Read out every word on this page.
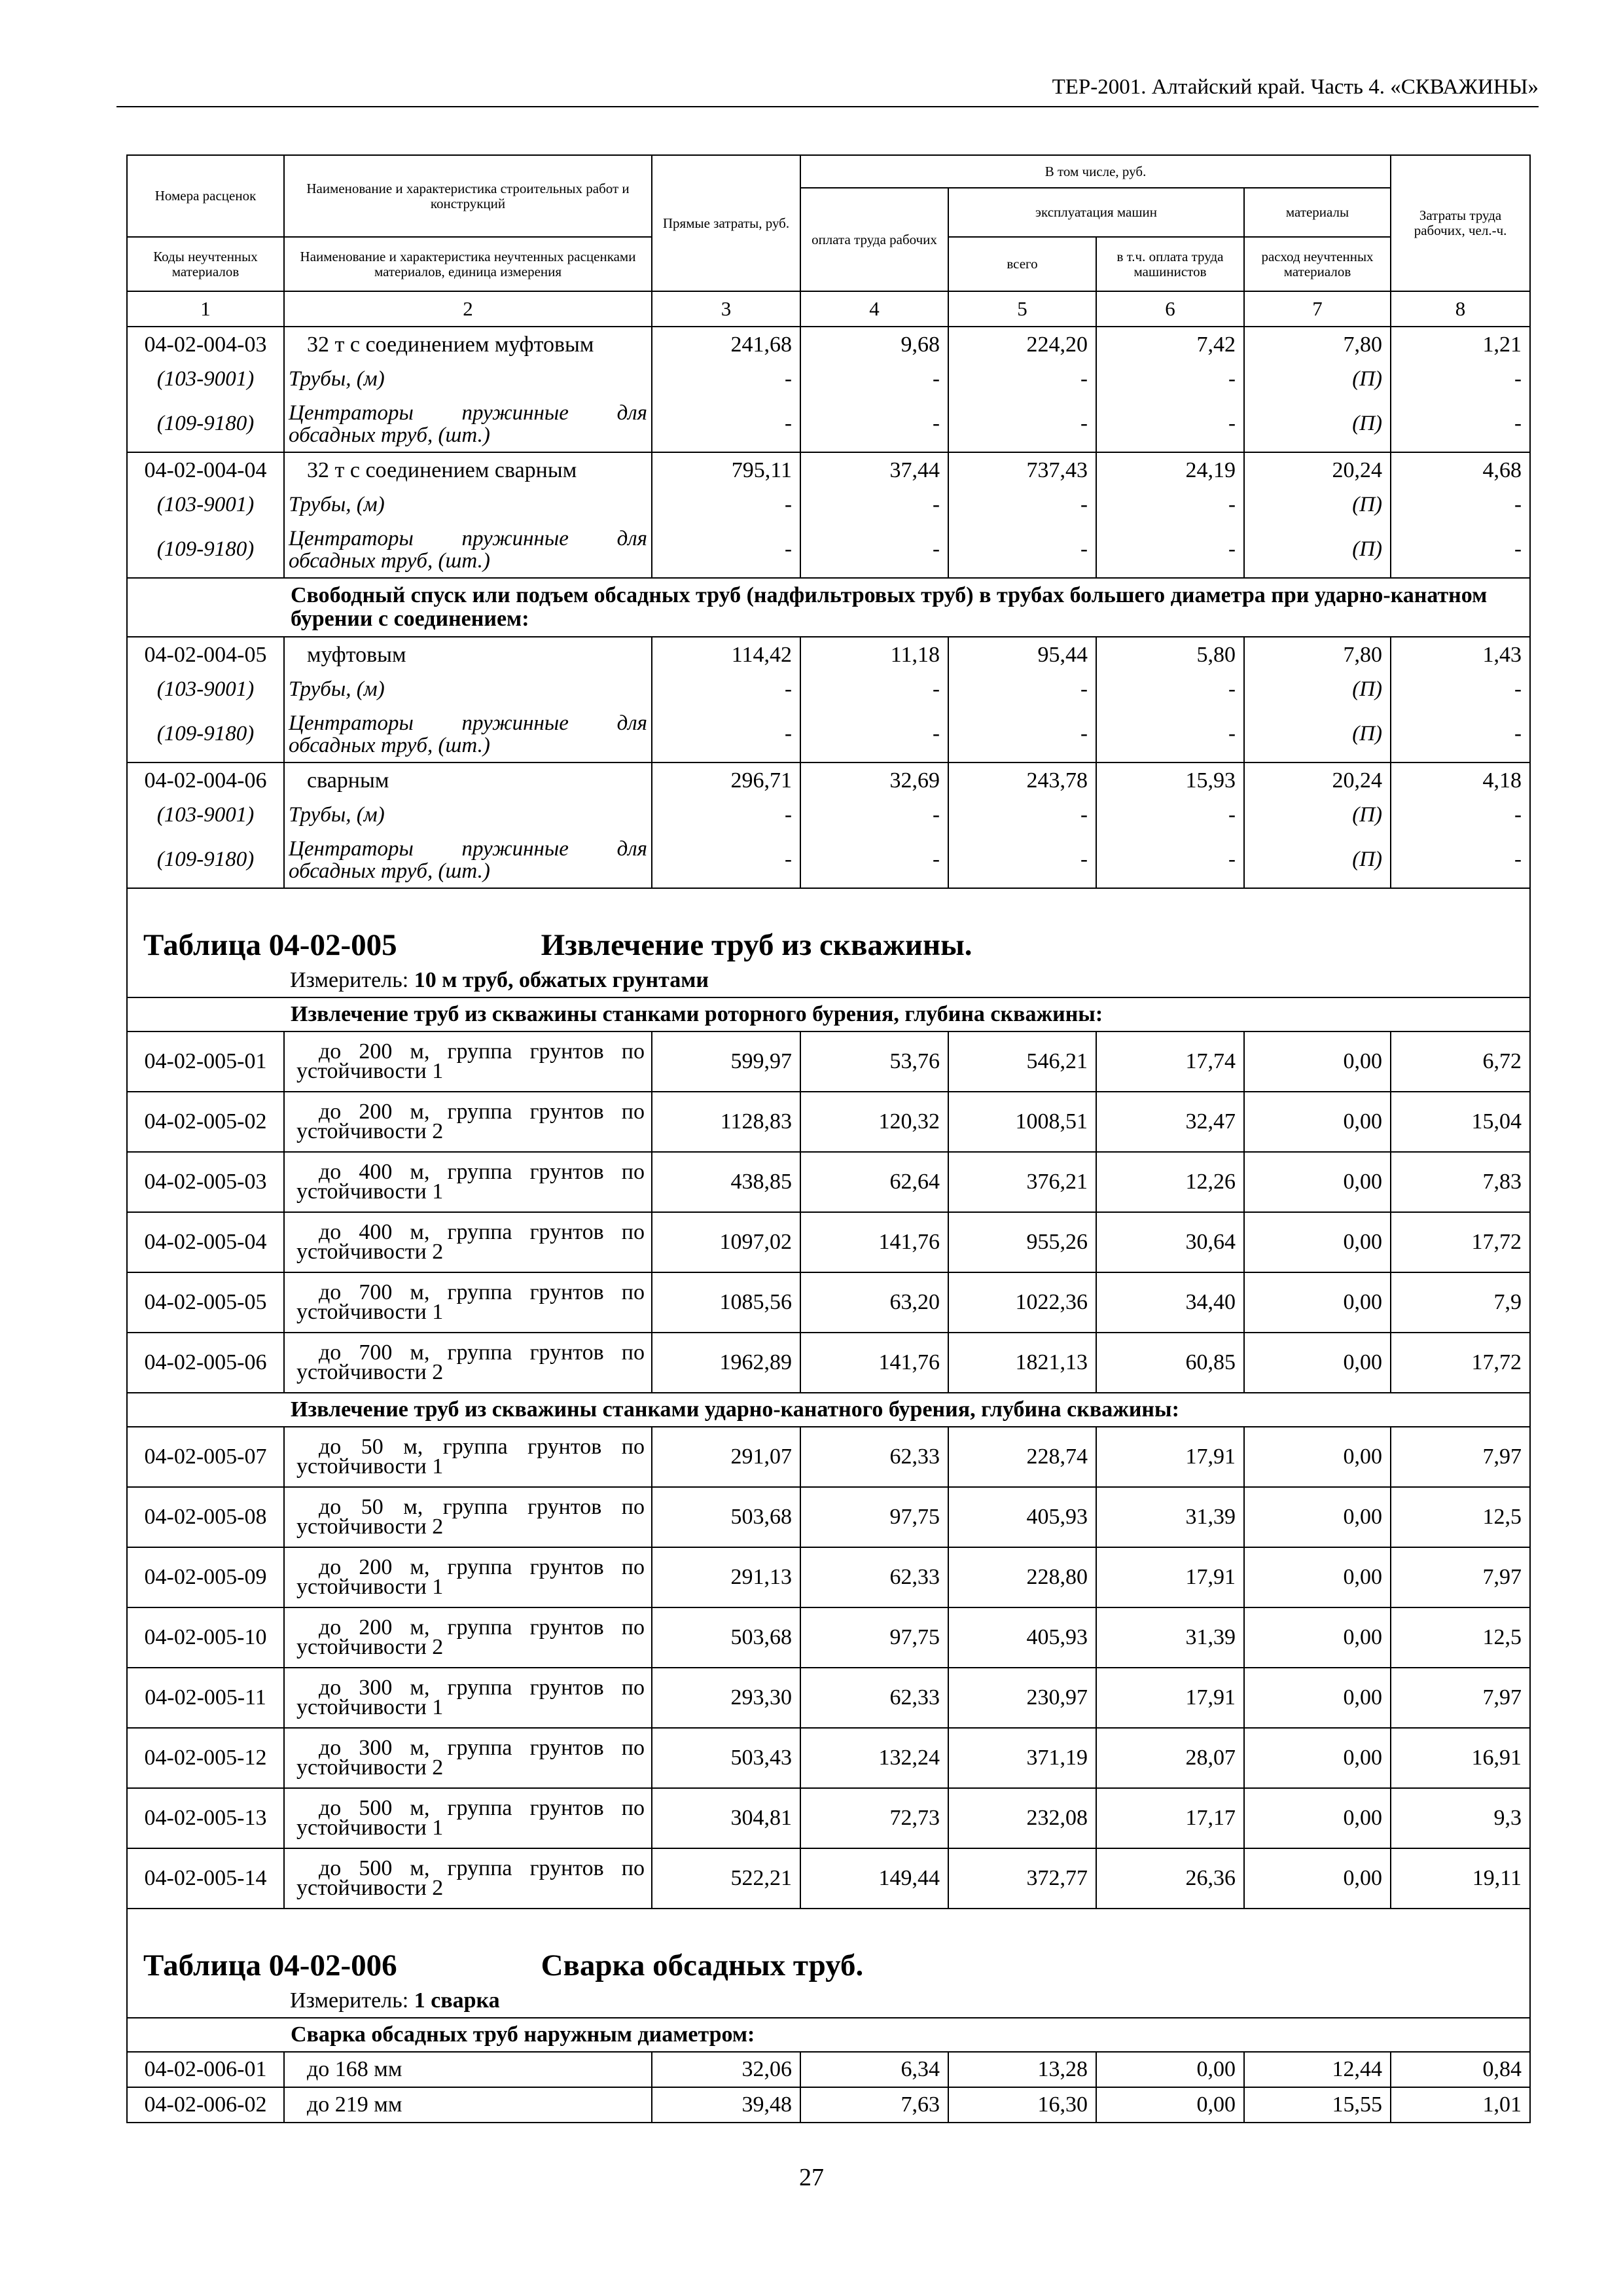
ТЕР-2001. Алтайский край. Часть 4. «СКВАЖИНЫ»
Номера расценок	Наименование и характеристика строительных работ и конструкций	Прямые затраты, руб.	В том числе, руб.				Затраты труда рабочих, чел.-ч.
			оплата труда рабочих	эксплуатация машин		материалы	
Коды неучтенных материалов	Наименование и характеристика неучтенных расценками материалов, единица измерения			всего	в т.ч. оплата труда машинистов	расход неучтенных материалов	

1	2	3	4	5	6	7	8
04-02-004-03	32 т с соединением муфтовым	241,68	9,68	224,20	7,42	7,80	1,21
(103-9001)	Трубы, (м)	-	-	-	-	(П)	-
(109-9180)	Центраторы пружинные для обсадных труб, (шт.)	-	-	-	-	(П)	-
04-02-004-04	32 т с соединением сварным	795,11	37,44	737,43	24,19	20,24	4,68
(103-9001)	Трубы, (м)	-	-	-	-	(П)	-
(109-9180)	Центраторы пружинные для обсадных труб, (шт.)	-	-	-	-	(П)	-
	Свободный спуск или подъем обсадных труб (надфильтровых труб) в трубах большего диаметра при ударно-канатном бурении с соединением:						
04-02-004-05	муфтовым	114,42	11,18	95,44	5,80	7,80	1,43
(103-9001)	Трубы, (м)	-	-	-	-	(П)	-
(109-9180)	Центраторы пружинные для обсадных труб, (шт.)	-	-	-	-	(П)	-
04-02-004-06	сварным	296,71	32,69	243,78	15,93	20,24	4,18
(103-9001)	Трубы, (м)	-	-	-	-	(П)	-
(109-9180)	Центраторы пружинные для обсадных труб, (шт.)	-	-	-	-	(П)	-
Таблица 04-02-005 Извлечение труб из скважины.							
Измеритель: 10 м труб, обжатых грунтами							
	Извлечение труб из скважины станками роторного бурения, глубина скважины:						
04-02-005-01	до 200 м, группа грунтов по устойчивости 1	599,97	53,76	546,21	17,74	0,00	6,72
04-02-005-02	до 200 м, группа грунтов по устойчивости 2	1128,83	120,32	1008,51	32,47	0,00	15,04
04-02-005-03	до 400 м, группа грунтов по устойчивости 1	438,85	62,64	376,21	12,26	0,00	7,83
04-02-005-04	до 400 м, группа грунтов по устойчивости 2	1097,02	141,76	955,26	30,64	0,00	17,72
04-02-005-05	до 700 м, группа грунтов по устойчивости 1	1085,56	63,20	1022,36	34,40	0,00	7,9
04-02-005-06	до 700 м, группа грунтов по устойчивости 2	1962,89	141,76	1821,13	60,85	0,00	17,72
	Извлечение труб из скважины станками ударно-канатного бурения, глубина скважины:						
04-02-005-07	до 50 м, группа грунтов по устойчивости 1	291,07	62,33	228,74	17,91	0,00	7,97
04-02-005-08	до 50 м, группа грунтов по устойчивости 2	503,68	97,75	405,93	31,39	0,00	12,5
04-02-005-09	до 200 м, группа грунтов по устойчивости 1	291,13	62,33	228,80	17,91	0,00	7,97
04-02-005-10	до 200 м, группа грунтов по устойчивости 2	503,68	97,75	405,93	31,39	0,00	12,5
04-02-005-11	до 300 м, группа грунтов по устойчивости 1	293,30	62,33	230,97	17,91	0,00	7,97
04-02-005-12	до 300 м, группа грунтов по устойчивости 2	503,43	132,24	371,19	28,07	0,00	16,91
04-02-005-13	до 500 м, группа грунтов по устойчивости 1	304,81	72,73	232,08	17,17	0,00	9,3
04-02-005-14	до 500 м, группа грунтов по устойчивости 2	522,21	149,44	372,77	26,36	0,00	19,11
Таблица 04-02-006 Сварка обсадных труб.							
Измеритель: 1 сварка							
	Сварка обсадных труб наружным диаметром:						
04-02-006-01	до 168 мм	32,06	6,34	13,28	0,00	12,44	0,84
04-02-006-02	до 219 мм	39,48	7,63	16,30	0,00	15,55	1,01
27
